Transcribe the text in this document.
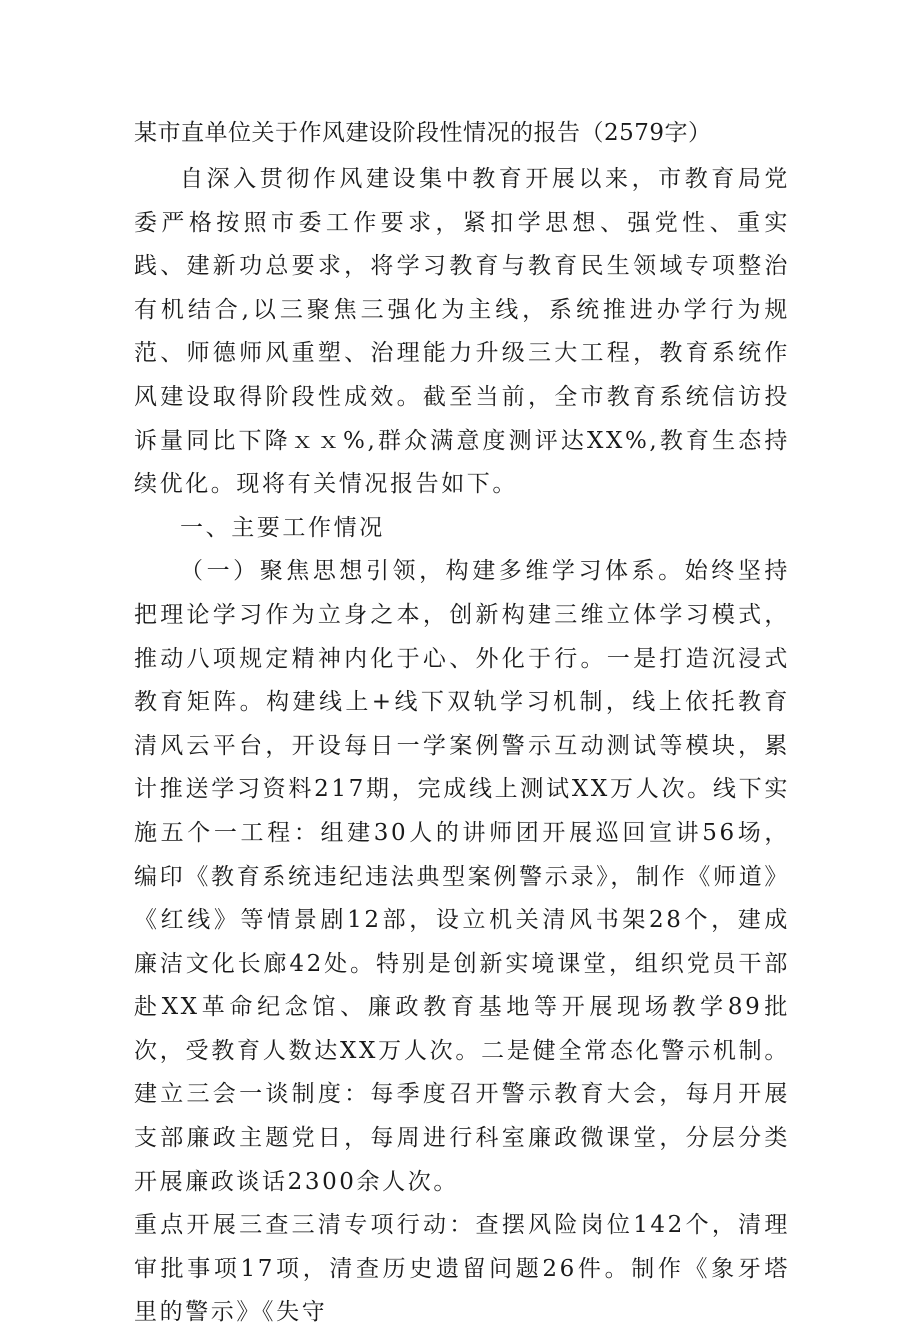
某市直单位关于作风建设阶段性情况的报告（2579字）

自深入贯彻作风建设集中教育开展以来，市教育局党委严格按照市委工作要求，紧扣学思想、强党性、重实践、建新功总要求，将学习教育与教育民生领域专项整治有机结合,以三聚焦三强化为主线，系统推进办学行为规范、师德师风重塑、治理能力升级三大工程，教育系统作风建设取得阶段性成效。截至当前，全市教育系统信访投诉量同比下降ｘｘ%,群众满意度测评达XX%,教育生态持续优化。现将有关情况报告如下。

一、主要工作情况

（一）聚焦思想引领，构建多维学习体系。始终坚持把理论学习作为立身之本，创新构建三维立体学习模式，推动八项规定精神内化于心、外化于行。一是打造沉浸式教育矩阵。构建线上+线下双轨学习机制，线上依托教育清风云平台，开设每日一学案例警示互动测试等模块，累计推送学习资料217期，完成线上测试XX万人次。线下实施五个一工程：组建30人的讲师团开展巡回宣讲56场，编印《教育系统违纪违法典型案例警示录》，制作《师道》《红线》等情景剧12部，设立机关清风书架28个，建成廉洁文化长廊42处。特别是创新实境课堂，组织党员干部赴XX革命纪念馆、廉政教育基地等开展现场教学89批次，受教育人数达XX万人次。二是健全常态化警示机制。建立三会一谈制度：每季度召开警示教育大会，每月开展支部廉政主题党日，每周进行科室廉政微课堂，分层分类开展廉政谈话2300余人次。

重点开展三查三清专项行动：查摆风险岗位142个，清理审批事项17项，清查历史遗留问题26件。制作《象牙塔里的警示》《失守
